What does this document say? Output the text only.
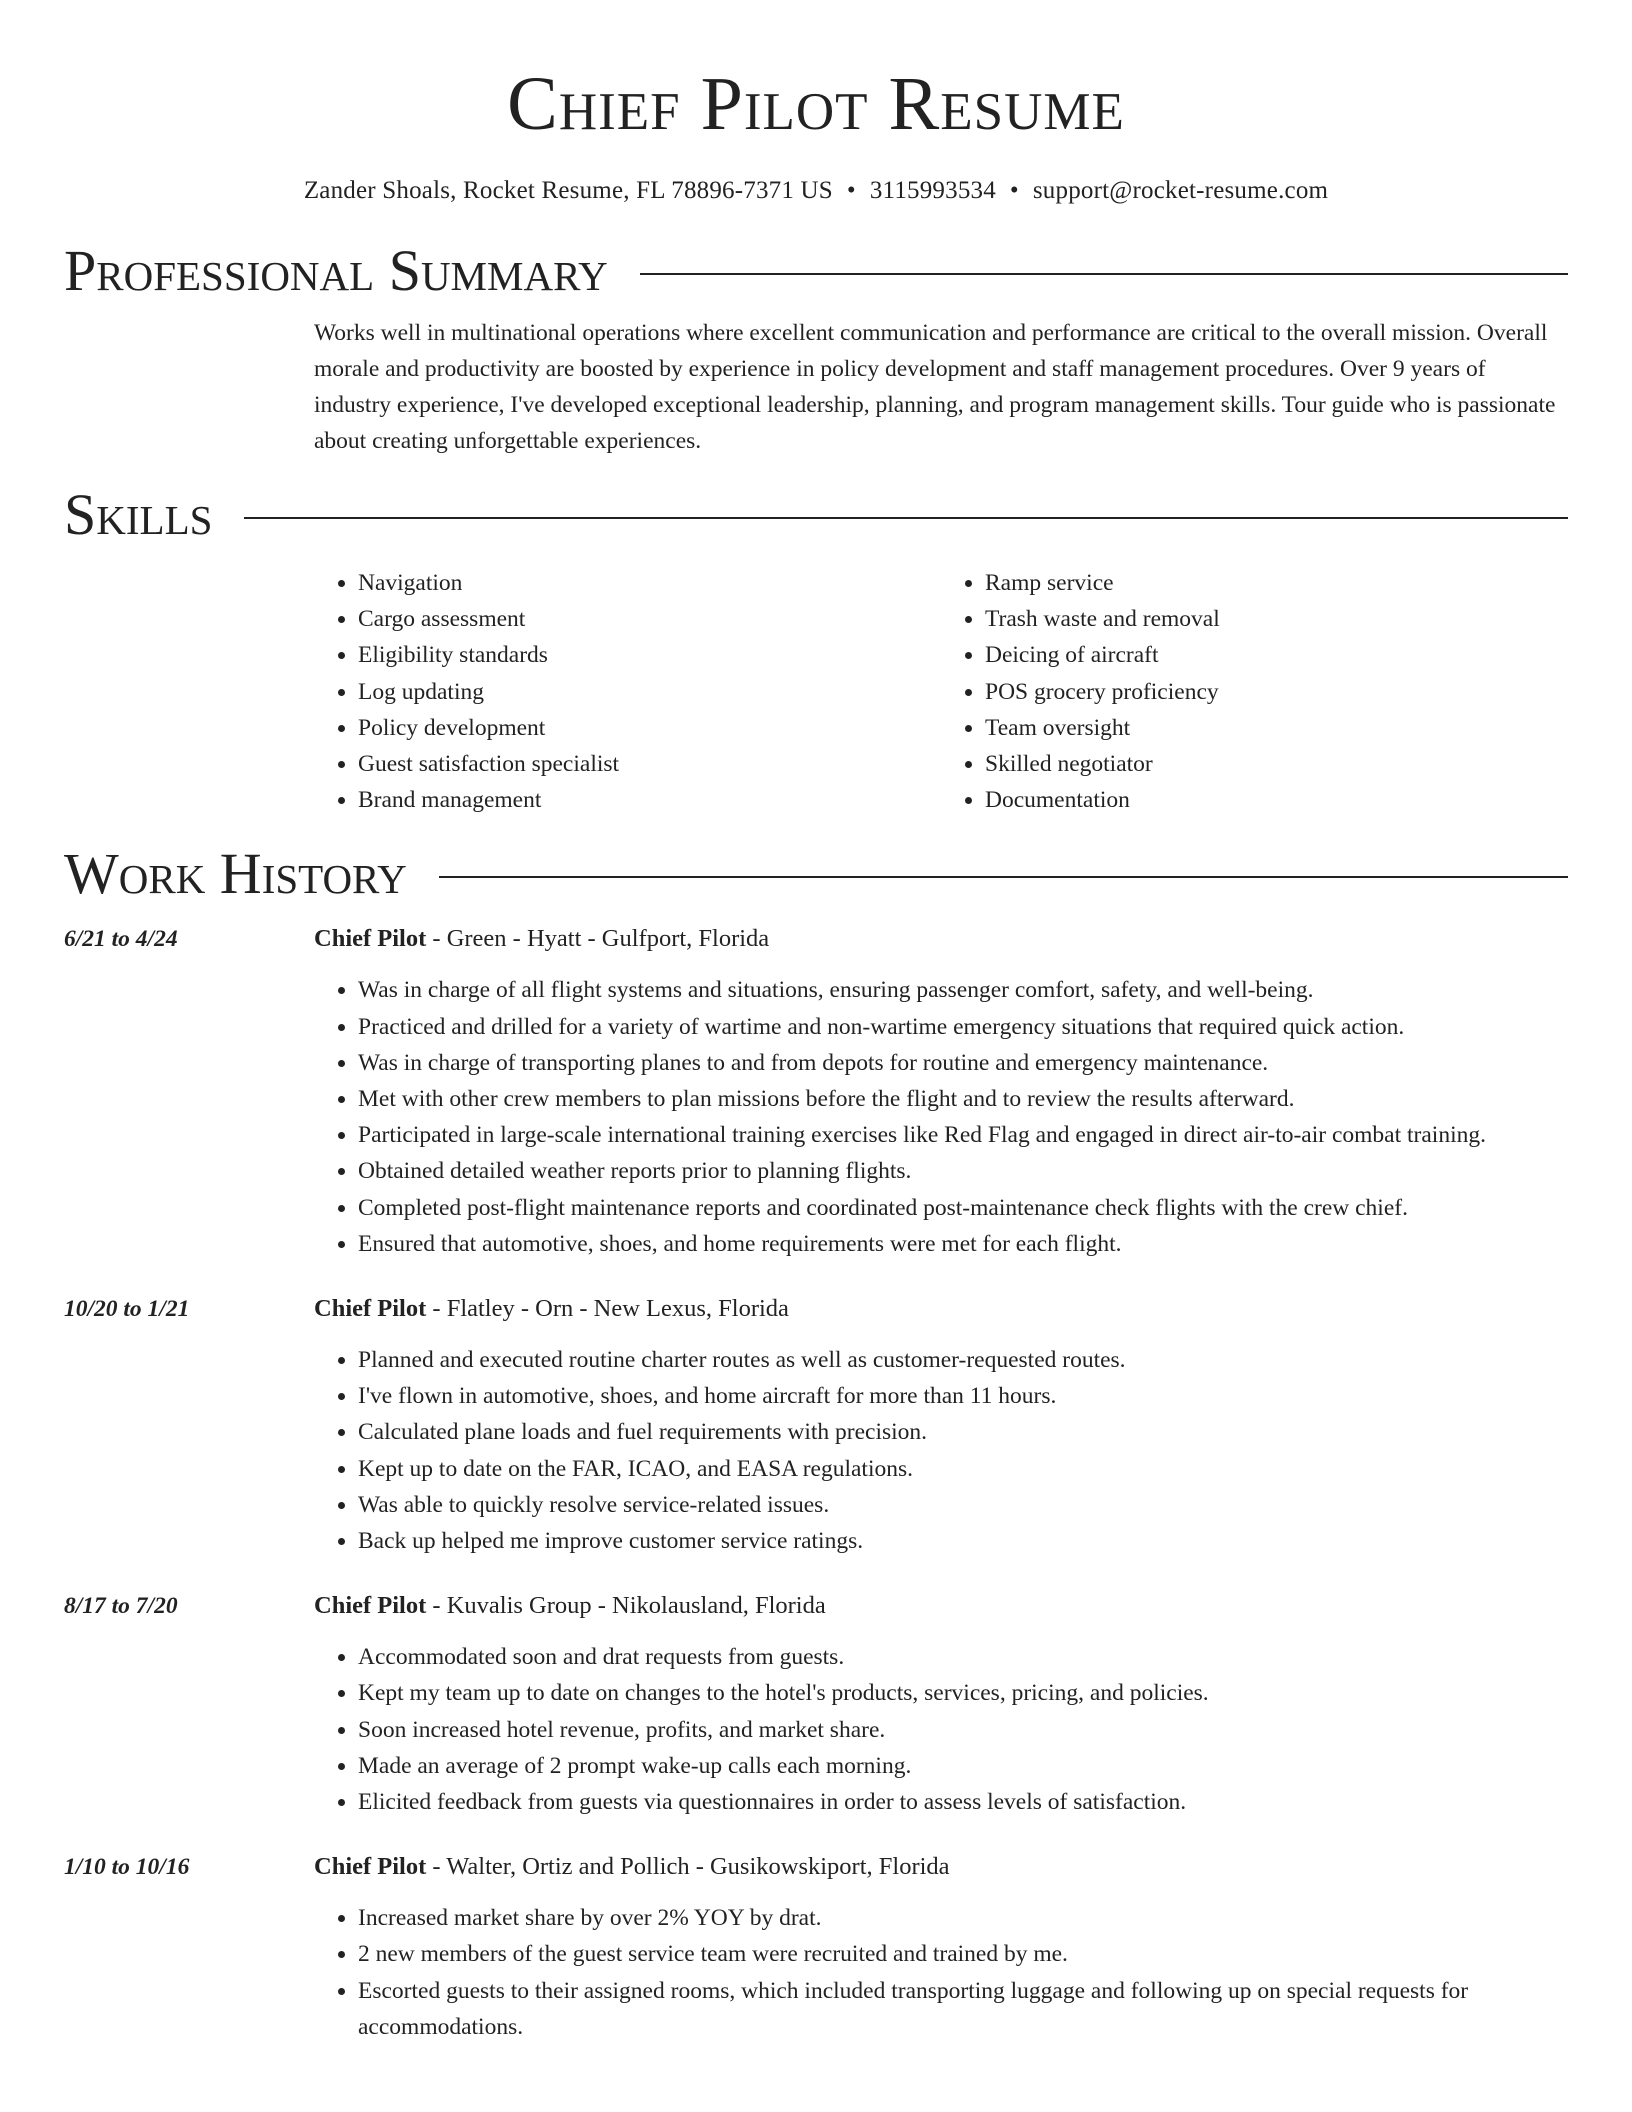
Chief Pilot Resume
Zander Shoals, Rocket Resume, FL 78896-7371 US • 3115993534 • support@rocket-resume.com
Professional Summary
Works well in multinational operations where excellent communication and performance are critical to the overall mission. Overall morale and productivity are boosted by experience in policy development and staff management procedures. Over 9 years of industry experience, I've developed exceptional leadership, planning, and program management skills. Tour guide who is passionate about creating unforgettable experiences.
Skills
• Navigation
• Cargo assessment
• Eligibility standards
• Log updating
• Policy development
• Guest satisfaction specialist
• Brand management
• Ramp service
• Trash waste and removal
• Deicing of aircraft
• POS grocery proficiency
• Team oversight
• Skilled negotiator
• Documentation
Work History
6/21 to 4/24	Chief Pilot - Green - Hyatt - Gulfport, Florida
• Was in charge of all flight systems and situations, ensuring passenger comfort, safety, and well-being.
• Practiced and drilled for a variety of wartime and non-wartime emergency situations that required quick action.
• Was in charge of transporting planes to and from depots for routine and emergency maintenance.
• Met with other crew members to plan missions before the flight and to review the results afterward.
• Participated in large-scale international training exercises like Red Flag and engaged in direct air-to-air combat training.
• Obtained detailed weather reports prior to planning flights.
• Completed post-flight maintenance reports and coordinated post-maintenance check flights with the crew chief.
• Ensured that automotive, shoes, and home requirements were met for each flight.
10/20 to 1/21	Chief Pilot - Flatley - Orn - New Lexus, Florida
• Planned and executed routine charter routes as well as customer-requested routes.
• I've flown in automotive, shoes, and home aircraft for more than 11 hours.
• Calculated plane loads and fuel requirements with precision.
• Kept up to date on the FAR, ICAO, and EASA regulations.
• Was able to quickly resolve service-related issues.
• Back up helped me improve customer service ratings.
8/17 to 7/20	Chief Pilot - Kuvalis Group - Nikolausland, Florida
• Accommodated soon and drat requests from guests.
• Kept my team up to date on changes to the hotel's products, services, pricing, and policies.
• Soon increased hotel revenue, profits, and market share.
• Made an average of 2 prompt wake-up calls each morning.
• Elicited feedback from guests via questionnaires in order to assess levels of satisfaction.
1/10 to 10/16	Chief Pilot - Walter, Ortiz and Pollich - Gusikowskiport, Florida
• Increased market share by over 2% YOY by drat.
• 2 new members of the guest service team were recruited and trained by me.
• Escorted guests to their assigned rooms, which included transporting luggage and following up on special requests for accommodations.
